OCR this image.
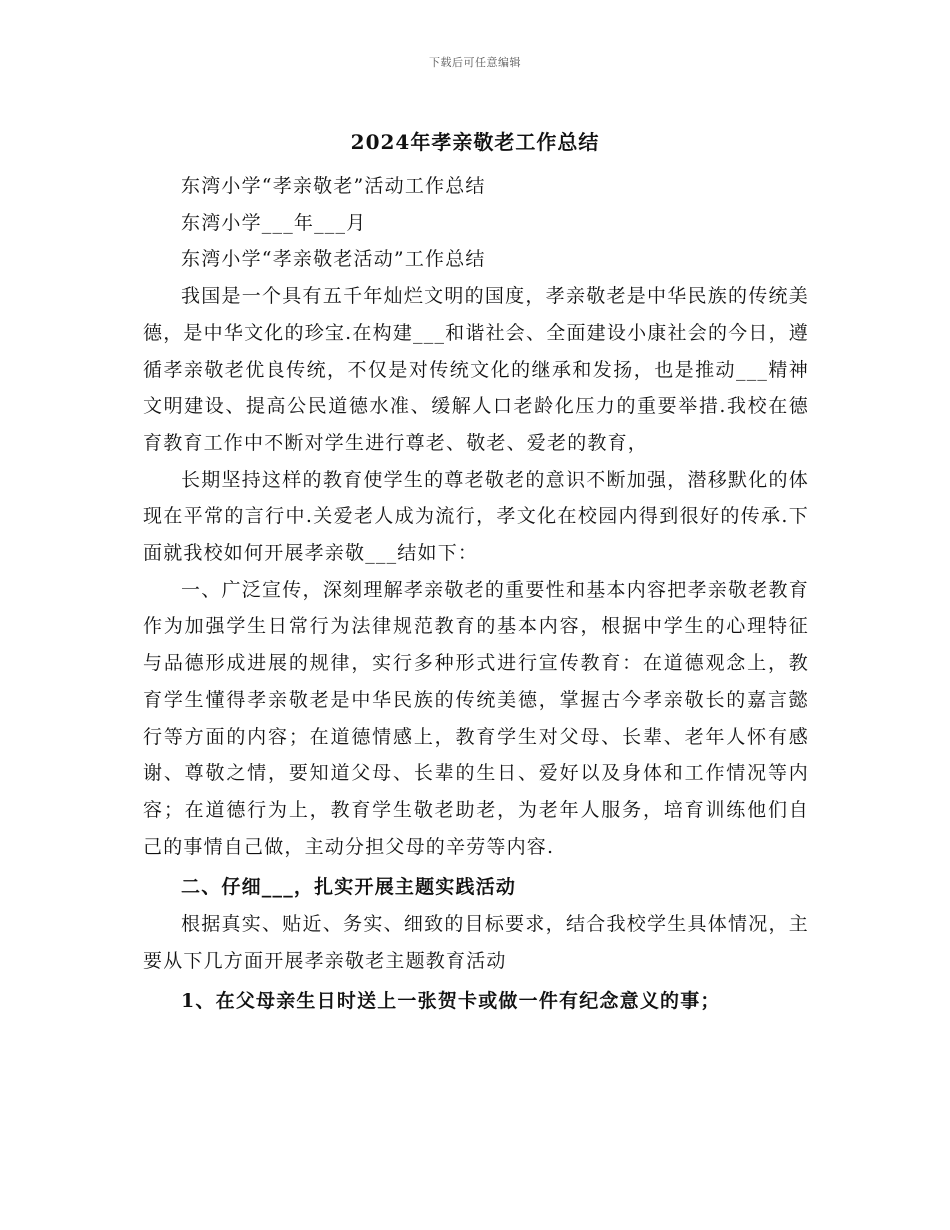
下载后可任意编辑
2024年孝亲敬老工作总结

东湾小学“孝亲敬老”活动工作总结

东湾小学___年___月

东湾小学“孝亲敬老活动”工作总结

我国是一个具有五千年灿烂文明的国度，孝亲敬老是中华民族的传统美德，是中华文化的珍宝.在构建___和谐社会、全面建设小康社会的今日，遵循孝亲敬老优良传统，不仅是对传统文化的继承和发扬，也是推动___精神文明建设、提高公民道德水准、缓解人口老龄化压力的重要举措.我校在德育教育工作中不断对学生进行尊老、敬老、爱老的教育，

长期坚持这样的教育使学生的尊老敬老的意识不断加强，潜移默化的体现在平常的言行中.关爱老人成为流行，孝文化在校园内得到很好的传承.下面就我校如何开展孝亲敬___结如下：

一、广泛宣传，深刻理解孝亲敬老的重要性和基本内容把孝亲敬老教育作为加强学生日常行为法律规范教育的基本内容，根据中学生的心理特征与品德形成进展的规律，实行多种形式进行宣传教育：在道德观念上，教育学生懂得孝亲敬老是中华民族的传统美德，掌握古今孝亲敬长的嘉言懿行等方面的内容；在道德情感上，教育学生对父母、长辈、老年人怀有感谢、尊敬之情，要知道父母、长辈的生日、爱好以及身体和工作情况等内容；在道德行为上，教育学生敬老助老，为老年人服务，培育训练他们自己的事情自己做，主动分担父母的辛劳等内容.

二、仔细___，扎实开展主题实践活动

根据真实、贴近、务实、细致的目标要求，结合我校学生具体情况，主要从下几方面开展孝亲敬老主题教育活动

1、在父母亲生日时送上一张贺卡或做一件有纪念意义的事；
